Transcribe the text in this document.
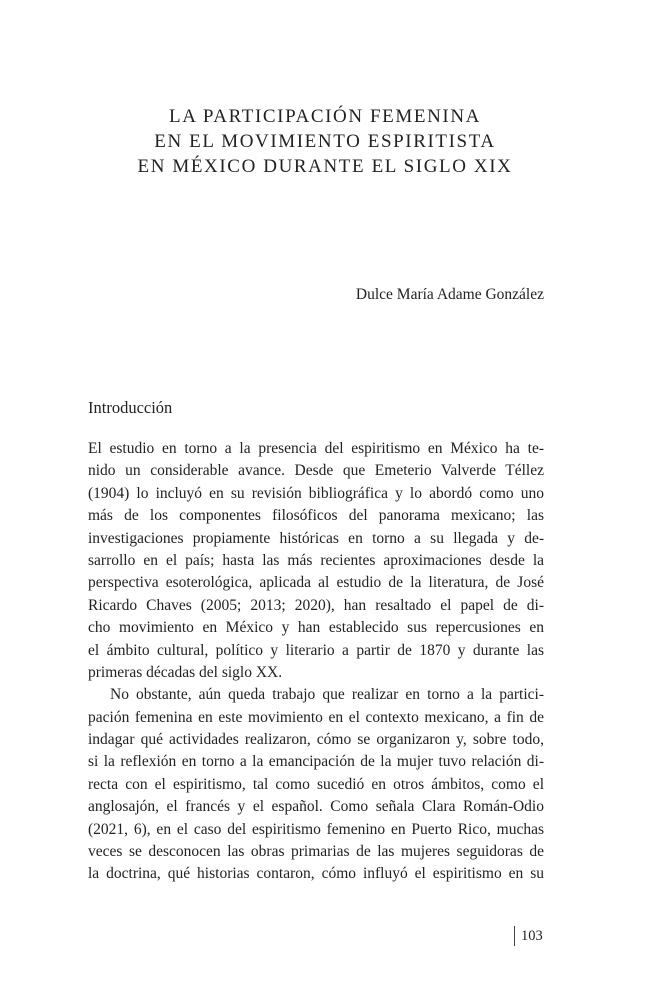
LA PARTICIPACIÓN FEMENINA
EN EL MOVIMIENTO ESPIRITISTA
EN MÉXICO DURANTE EL SIGLO XIX
Dulce María Adame González
Introducción
El estudio en torno a la presencia del espiritismo en México ha te-
nido un considerable avance. Desde que Emeterio Valverde Téllez
(1904) lo incluyó en su revisión bibliográfica y lo abordó como uno
más de los componentes filosóficos del panorama mexicano; las
investigaciones propiamente históricas en torno a su llegada y de-
sarrollo en el país; hasta las más recientes aproximaciones desde la
perspectiva esoterológica, aplicada al estudio de la literatura, de José
Ricardo Chaves (2005; 2013; 2020), han resaltado el papel de di-
cho movimiento en México y han establecido sus repercusiones en
el ámbito cultural, político y literario a partir de 1870 y durante las
primeras décadas del siglo XX.
No obstante, aún queda trabajo que realizar en torno a la partici-
pación femenina en este movimiento en el contexto mexicano, a fin de
indagar qué actividades realizaron, cómo se organizaron y, sobre todo,
si la reflexión en torno a la emancipación de la mujer tuvo relación di-
recta con el espiritismo, tal como sucedió en otros ámbitos, como el
anglosajón, el francés y el español. Como señala Clara Román-Odio
(2021, 6), en el caso del espiritismo femenino en Puerto Rico, muchas
veces se desconocen las obras primarias de las mujeres seguidoras de
la doctrina, qué historias contaron, cómo influyó el espiritismo en su
103
